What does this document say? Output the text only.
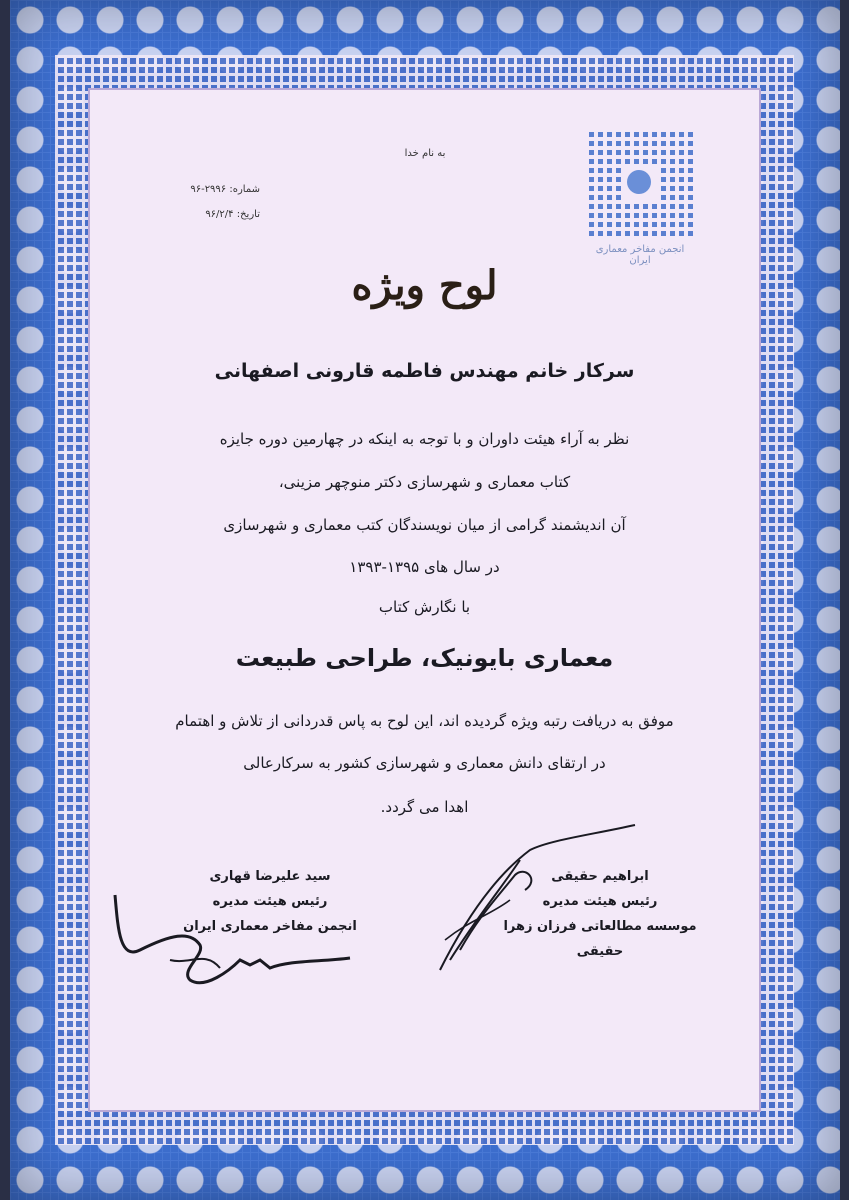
انجمن مفاخر معماری ایران
به نام خدا
شماره: ۲۹۹۶-۹۶
تاریخ: ۹۶/۲/۴
لوح ویژه
سرکار خانم مهندس فاطمه قارونی اصفهانی
نظر به آراء هیئت داوران و با توجه به اینکه در چهارمین دوره جایزه
کتاب معماری و شهرسازی دکتر منوچهر مزینی،
آن اندیشمند گرامی از میان نویسندگان کتب معماری و شهرسازی
در سال های ۱۳۹۵-۱۳۹۳
با نگارش کتاب
معماری بایونیک، طراحی طبیعت
موفق به دریافت رتبه ویژه گردیده اند، این لوح به پاس قدردانی از تلاش و اهتمام
در ارتقای دانش معماری و شهرسازی کشور به سرکارعالی
اهدا می گردد.
سید علیرضا قهاری
رئیس هیئت مدیره
انجمن مفاخر معماری ایران
ابراهیم حقیقی
رئیس هیئت مدیره
موسسه مطالعاتی فرزان زهرا حقیقی
